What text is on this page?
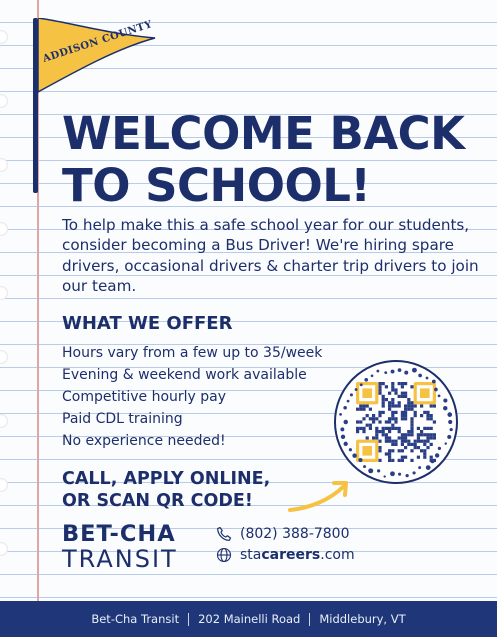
ADDISON COUNTY
WELCOME BACK
TO SCHOOL!

To help make this a safe school year for our students, consider becoming a Bus Driver! We're hiring spare drivers, occasional drivers & charter trip drivers to join our team.

WHAT WE OFFER
Hours vary from a few up to 35/week
Evening & weekend work available
Competitive hourly pay
Paid CDL training
No experience needed!

CALL, APPLY ONLINE,
OR SCAN QR CODE!

BET-CHA
TRANSIT
(802) 388-7800
stacareers.com
Bet-Cha Transit 202 Mainelli Road Middlebury, VT
